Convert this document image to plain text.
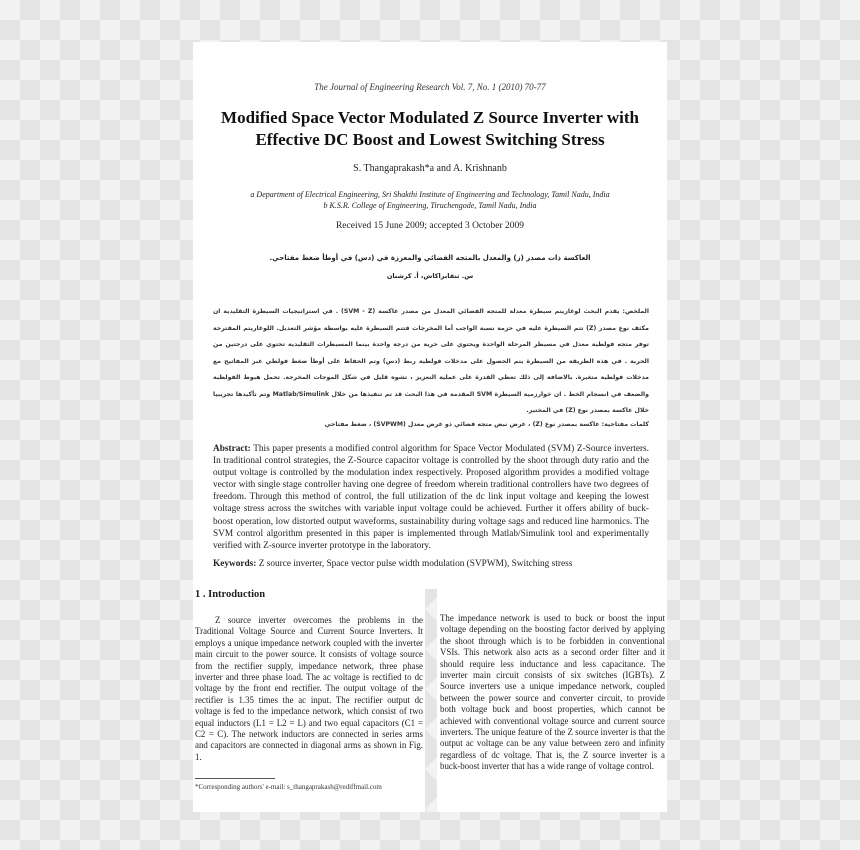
The Journal of Engineering Research Vol. 7, No. 1 (2010) 70-77
Modified Space Vector Modulated Z Source Inverter with Effective DC Boost and Lowest Switching Stress
S. Thangaprakash*a and A. Krishnanb
a Department of Electrical Engineering, Sri Shakthi Institute of Engineering and Technology, Tamil Nadu, India
b K.S.R. College of Engineering, Tiruchengode, Tamil Nadu, India
Received 15 June 2009; accepted 3 October 2009
العاكسة ذات مصدر (ز) والمعدل بالمتجه الفضائي والمعززة في (دس) في أوطأ ضغط مفتاحي.
س. ثنقابراكاش، أ. كرشنان
الملخص: يقدم البحث لوغاريتم سيطرة معدلة للمتجه الفضائي المعدل من مصدر عاكسة (SVM - Z) . في استراتيجيات السيطرة التقليدية ان مكثف نوع مصدر (Z) تتم السيطرة عليه في حزمة نسبة الواجب أما المخرجات فتتم السيطرة عليه بواسطة مؤشر التعديل. اللوغاريتم المقترحة توفر متجه فولطية معدل في مسيطر المرحلة الواحدة ويحتوي على حرية من درجة واحدة بينما المسيطرات التقليدية تحتوي على درجتين من الحرية . في هذه الطريقة من السيطرة يتم الحصول على مدخلات فولطية ربط (دس) وتم الحفاظ على أوطأ ضغط فولطي عبر المفاتيح مع مدخلات فولطية متغيرة. بالاضافة إلى ذلك تعطي القدرة على عملية التعزيز ، تشوه قليل في شكل الموجات المخرجة. تحمل هبوط الفولطية والضعف في انسجام الخط . ان خوارزمية السيطرة SVM المقدمة في هذا البحث قد تم تنفيذها من خلال Matlab/Simulink وتم تأكيدها تجريبيا خلال عاكسة بمصدر نوع (Z) في المختبر.
كلمات مفتاحية: عاكسة بمصدر نوع (Z) ، عرض نبض متجه فضائي ذو عرض معدل (SVPWM) ، ضغط مفتاحي
Abstract: This paper presents a modified control algorithm for Space Vector Modulated (SVM) Z-Source inverters. In traditional control strategies, the Z-Source capacitor voltage is controlled by the shoot through duty ratio and the output voltage is controlled by the modulation index respectively. Proposed algorithm provides a modified voltage vector with single stage controller having one degree of freedom wherein traditional controllers have two degrees of freedom. Through this method of control, the full utilization of the dc link input voltage and keeping the lowest voltage stress across the switches with variable input voltage could be achieved. Further it offers ability of buck-boost operation, low distorted output waveforms, sustainability during voltage sags and reduced line harmonics. The SVM control algorithm presented in this paper is implemented through Matlab/Simulink tool and experimentally verified with Z-source inverter prototype in the laboratory.
Keywords: Z source inverter, Space vector pulse width modulation (SVPWM), Switching stress
1 . Introduction
Z source inverter overcomes the problems in the Traditional Voltage Source and Current Source Inverters. It employs a unique impedance network coupled with the inverter main circuit to the power source. It consists of voltage source from the rectifier supply, impedance network, three phase inverter and three phase load. The ac voltage is rectified to dc voltage by the front end rectifier. The output voltage of the rectifier is 1.35 times the ac input. The rectifier output dc voltage is fed to the impedance network, which consist of two equal inductors (L1 = L2 = L) and two equal capacitors (C1 = C2 = C). The network inductors are connected in series arms and capacitors are connected in diagonal arms as shown in Fig. 1.
The impedance network is used to buck or boost the input voltage depending on the boosting factor derived by applying the shoot through which is to be forbidden in conventional VSIs. This network also acts as a second order filter and it should require less inductance and less capacitance. The inverter main circuit consists of six switches (IGBTs). Z Source inverters use a unique impedance network, coupled between the power source and converter circuit, to provide both voltage buck and boost properties, which cannot be achieved with conventional voltage source and current source inverters. The unique feature of the Z source inverter is that the output ac voltage can be any value between zero and infinity regardless of dc voltage. That is, the Z source inverter is a buck-boost inverter that has a wide range of voltage control.
*Corresponding authors' e-mail: s_thangaprakash@rediffmail.com
